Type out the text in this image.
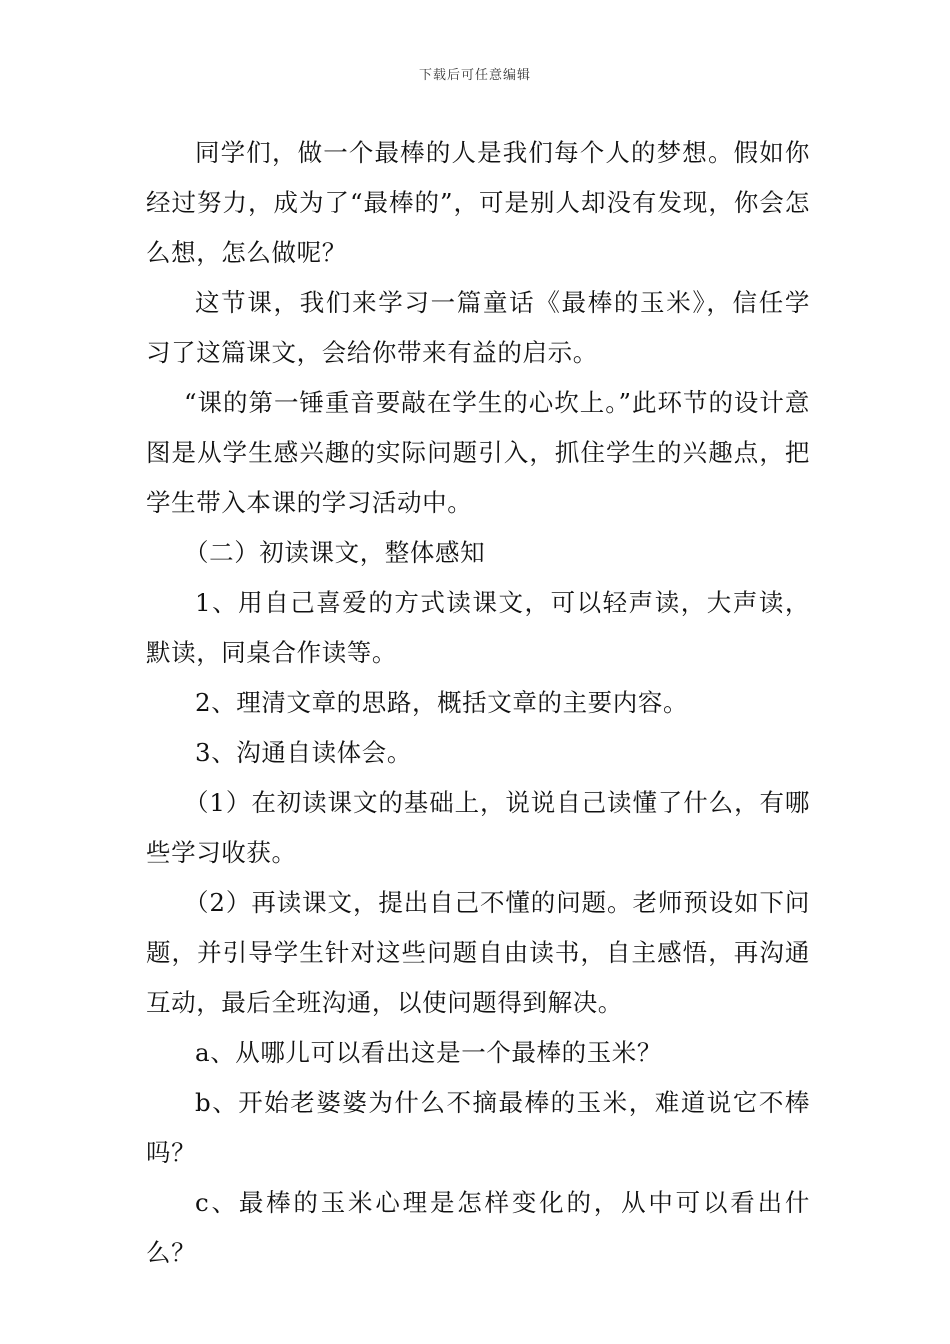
下载后可任意编辑

同学们，做一个最棒的人是我们每个人的梦想。假如你经过努力，成为了“最棒的”，可是别人却没有发现，你会怎么想，怎么做呢？

这节课，我们来学习一篇童话《最棒的玉米》，信任学习了这篇课文，会给你带来有益的启示。

“课的第一锤重音要敲在学生的心坎上。”此环节的设计意图是从学生感兴趣的实际问题引入，抓住学生的兴趣点，把学生带入本课的学习活动中。

（二）初读课文，整体感知

1、用自己喜爱的方式读课文，可以轻声读，大声读，默读，同桌合作读等。

2、理清文章的思路，概括文章的主要内容。

3、沟通自读体会。

（1）在初读课文的基础上，说说自己读懂了什么，有哪些学习收获。

（2）再读课文，提出自己不懂的问题。老师预设如下问题，并引导学生针对这些问题自由读书，自主感悟，再沟通互动，最后全班沟通，以使问题得到解决。

a、从哪儿可以看出这是一个最棒的玉米？

b、开始老婆婆为什么不摘最棒的玉米，难道说它不棒吗？

c、最棒的玉米心理是怎样变化的，从中可以看出什么？
